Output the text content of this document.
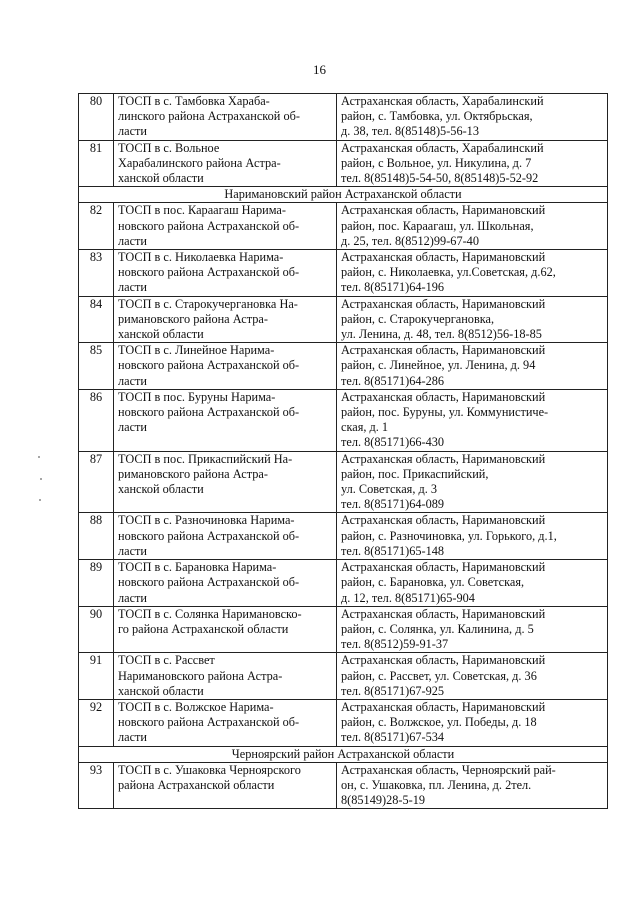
16
80	ТОСП в с. Тамбовка Хараба-
линского района Астраханской об-
ласти	Астраханская область, Харабалинский
район, с. Тамбовка, ул. Октябрьская,
д. 38, тел. 8(85148)5-56-13

81	ТОСП в с. Вольное
Харабалинского района Астра-
ханской области	Астраханская область, Харабалинский
район, с Вольное, ул. Никулина, д. 7
тел. 8(85148)5-54-50, 8(85148)5-52-92

Наримановский район Астраханской области		
82	ТОСП в пос. Караагаш Нарима-
новского района Астраханской об-
ласти	Астраханская область, Наримановский
район, пос. Караагаш, ул. Школьная,
д. 25, тел. 8(8512)99-67-40

83	ТОСП в с. Николаевка Нарима-
новского района Астраханской об-
ласти	Астраханская область, Наримановский
район, с. Николаевка, ул.Советская, д.62,
тел. 8(85171)64-196

84	ТОСП в с. Старокучергановка На-
римановского района Астра-
ханской области	Астраханская область, Наримановский
район, с. Старокучергановка,
ул. Ленина, д. 48, тел. 8(8512)56-18-85

85	ТОСП в с. Линейное Нарима-
новского района Астраханской об-
ласти	Астраханская область, Наримановский
район, с. Линейное, ул. Ленина, д. 94
тел. 8(85171)64-286

86	ТОСП в пос. Буруны Нарима-
новского района Астраханской об-
ласти	Астраханская область, Наримановский
район, пос. Буруны, ул. Коммунистиче-
ская, д. 1
тел. 8(85171)66-430

87	ТОСП в пос. Прикаспийский На-
римановского района Астра-
ханской области	Астраханская область, Наримановский
район, пос. Прикаспийский,
ул. Советская, д. 3
тел. 8(85171)64-089

88	ТОСП в с. Разночиновка Нарима-
новского района Астраханской об-
ласти	Астраханская область, Наримановский
район, с. Разночиновка, ул. Горького, д.1,
тел. 8(85171)65-148

89	ТОСП в с. Барановка Нарима-
новского района Астраханской об-
ласти	Астраханская область, Наримановский
район, с. Барановка, ул. Советская,
д. 12, тел. 8(85171)65-904

90	ТОСП в с. Солянка Наримановско-
го района Астраханской области	Астраханская область, Наримановский
район, с. Солянка, ул. Калинина, д. 5
тел. 8(8512)59-91-37

91	ТОСП в с. Рассвет
Наримановского района Астра-
ханской области	Астраханская область, Наримановский
район, с. Рассвет, ул. Советская, д. 36
тел. 8(85171)67-925

92	ТОСП в с. Волжское Нарима-
новского района Астраханской об-
ласти	Астраханская область, Наримановский
район, с. Волжское, ул. Победы, д. 18
тел. 8(85171)67-534

Черноярский район Астраханской области		
93	ТОСП в с. Ушаковка Черноярского
района Астраханской области	Астраханская область, Черноярский рай-
он, с. Ушаковка, пл. Ленина, д. 2тел.
8(85149)28-5-19
